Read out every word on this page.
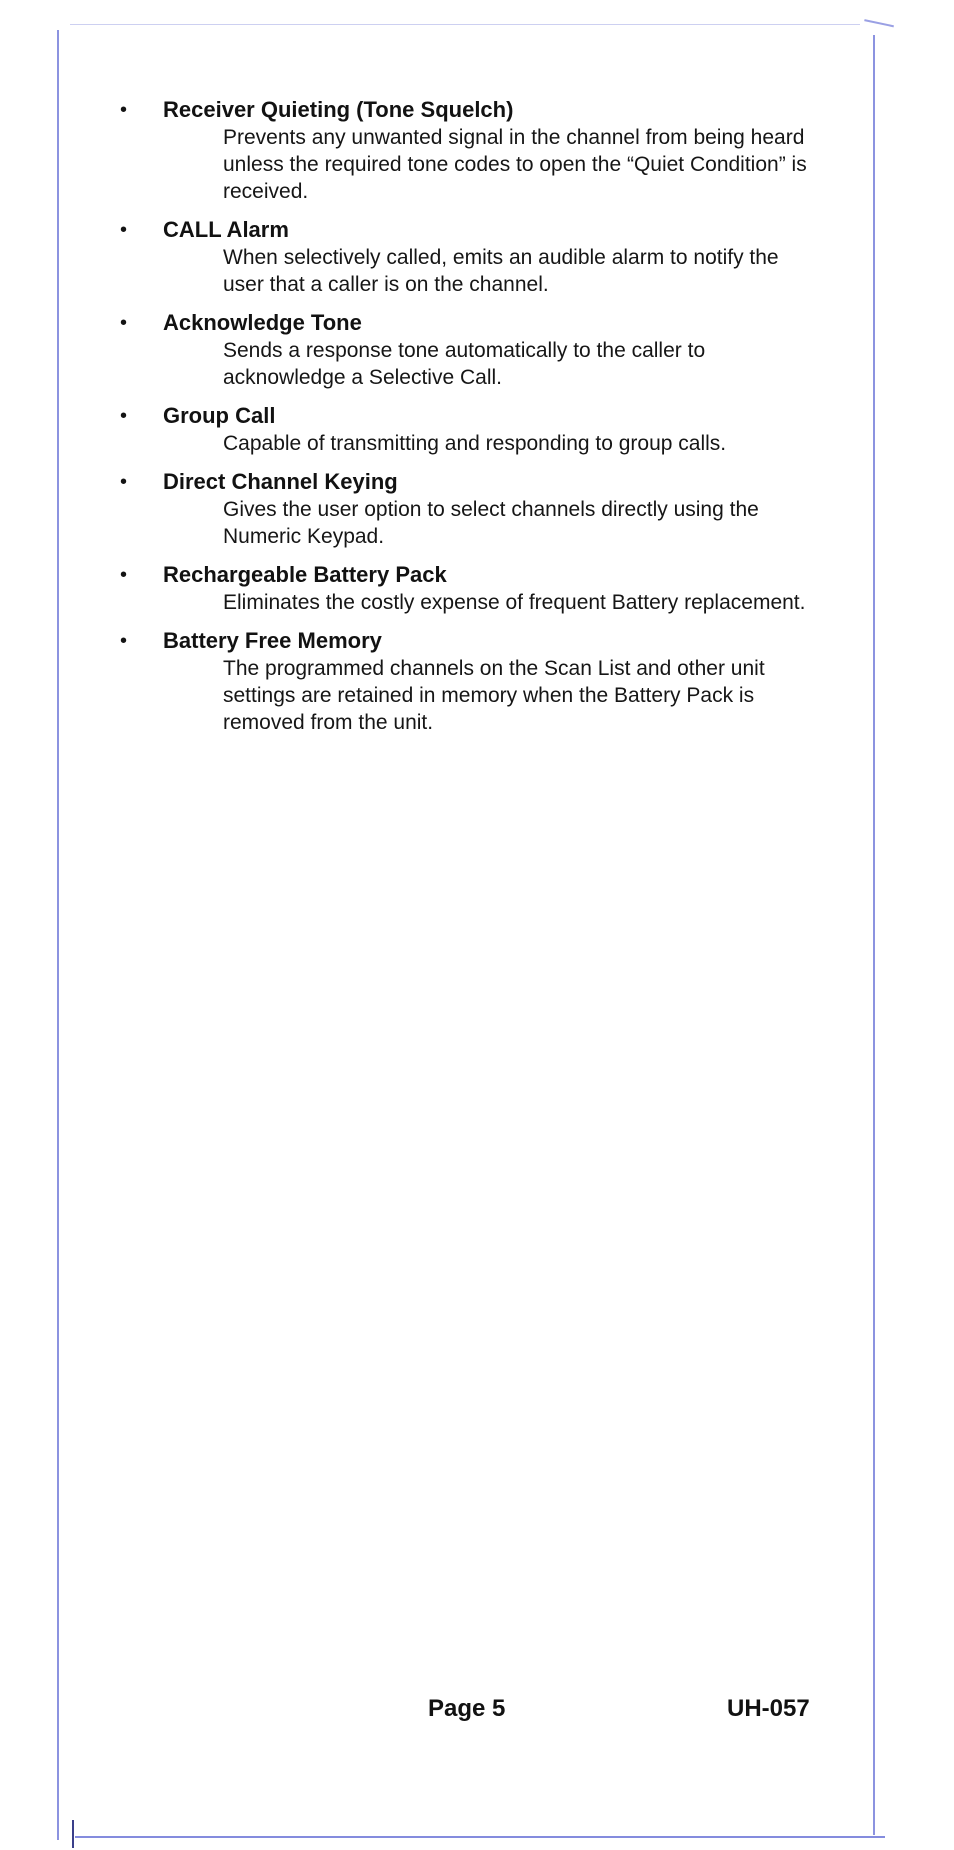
• Receiver Quieting (Tone Squelch)
Prevents any unwanted signal in the channel from being heard unless the required tone codes to open the “Quiet Condition” is received.
• CALL Alarm
When selectively called, emits an audible alarm to notify the user that a caller is on the channel.
• Acknowledge Tone
Sends a response tone automatically to the caller to acknowledge a Selective Call.
• Group Call
Capable of transmitting and responding to group calls.
• Direct Channel Keying
Gives the user option to select channels directly using the Numeric Keypad.
• Rechargeable Battery Pack
Eliminates the costly expense of frequent Battery replacement.
• Battery Free Memory
The programmed channels on the Scan List and other unit settings are retained in memory when the Battery Pack is removed from the unit.
Page 5	UH-057
